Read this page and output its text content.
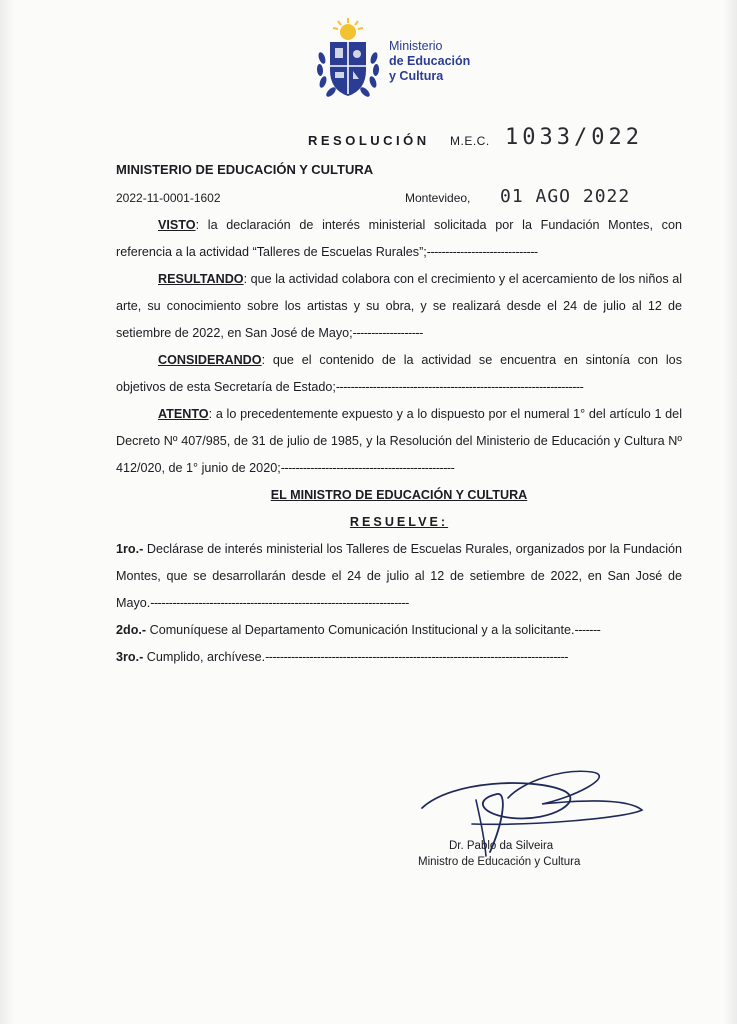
Ministerio
de Educación
y Cultura
RESOLUCIÓN M.E.C. 1033/022
MINISTERIO DE EDUCACIÓN Y CULTURA
2022-11-0001-1602	Montevideo, 01 AGO 2022

VISTO: la declaración de interés ministerial solicitada por la Fundación Montes, con referencia a la actividad “Talleres de Escuelas Rurales”;------------------------------

RESULTANDO: que la actividad colabora con el crecimiento y el acercamiento de los niños al arte, su conocimiento sobre los artistas y su obra, y se realizará desde el 24 de julio al 12 de setiembre de 2022, en San José de Mayo;-------------------

CONSIDERANDO: que el contenido de la actividad se encuentra en sintonía con los objetivos de esta Secretaría de Estado;-------------------------------------------------------------------

ATENTO: a lo precedentemente expuesto y a lo dispuesto por el numeral 1° del artículo 1 del Decreto Nº 407/985, de 31 de julio de 1985, y la Resolución del Ministerio de Educación y Cultura Nº 412/020, de 1° junio de 2020;-----------------------------------------------

EL MINISTRO DE EDUCACIÓN Y CULTURA

RESUELVE:

1ro.- Declárase de interés ministerial los Talleres de Escuelas Rurales, organizados por la Fundación Montes, que se desarrollarán desde el 24 de julio al 12 de setiembre de 2022, en San José de Mayo.----------------------------------------------------------------------

2do.- Comuníquese al Departamento Comunicación Institucional y a la solicitante.-------

3ro.- Cumplido, archívese.----------------------------------------------------------------------------------

Dr. Pablo da Silveira
Ministro de Educación y Cultura
